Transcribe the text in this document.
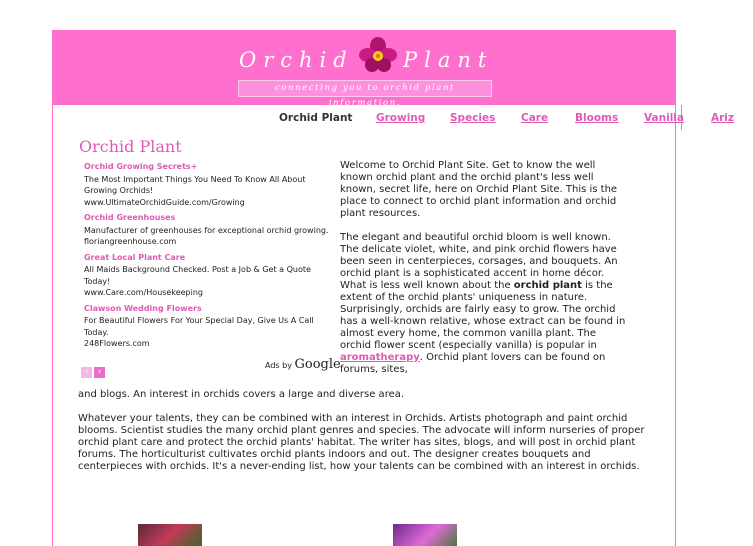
Orchid Plant
connecting you to orchid plant information.
Orchid Plant Growing Species Care	Blooms Vanilla	Ariz
Orchid Plant
Orchid Growing Secrets+
The Most Important Things You Need To Know All About Growing Orchids!
www.UltimateOrchidGuide.com/Growing
Orchid Greenhouses
Manufacturer of greenhouses for exceptional orchid growing.
floriangreenhouse.com
Great Local Plant Care
All Maids Background Checked. Post a Job & Get a Quote Today!
www.Care.com/Housekeeping
Clawson Wedding Flowers
For Beautiful Flowers For Your Special Day, Give Us A Call Today.
248Flowers.com
‹ ›
Ads by Google

Welcome to Orchid Plant Site. Get to know the well known orchid plant and the orchid plant's less well known, secret life, here on Orchid Plant Site. This is the place to connect to orchid plant information and orchid plant resources.

The elegant and beautiful orchid bloom is well known. The delicate violet, white, and pink orchid flowers have been seen in centerpieces, corsages, and bouquets. An orchid plant is a sophisticated accent in home décor. What is less well known about the orchid plant is the extent of the orchid plants' uniqueness in nature. Surprisingly, orchids are fairly easy to grow. The orchid has a well-known relative, whose extract can be found in almost every home, the common vanilla plant. The orchid flower scent (especially vanilla) is popular in aromatherapy. Orchid plant lovers can be found on forums, sites,

and blogs. An interest in orchids covers a large and diverse area.

Whatever your talents, they can be combined with an interest in Orchids. Artists photograph and paint orchid blooms. Scientist studies the many orchid plant genres and species. The advocate will inform nurseries of proper orchid plant care and protect the orchid plants' habitat. The writer has sites, blogs, and will post in orchid plant forums. The horticulturist cultivates orchid plants indoors and out. The designer creates bouquets and centerpieces with orchids. It's a never-ending list, how your talents can be combined with an interest in orchids.
